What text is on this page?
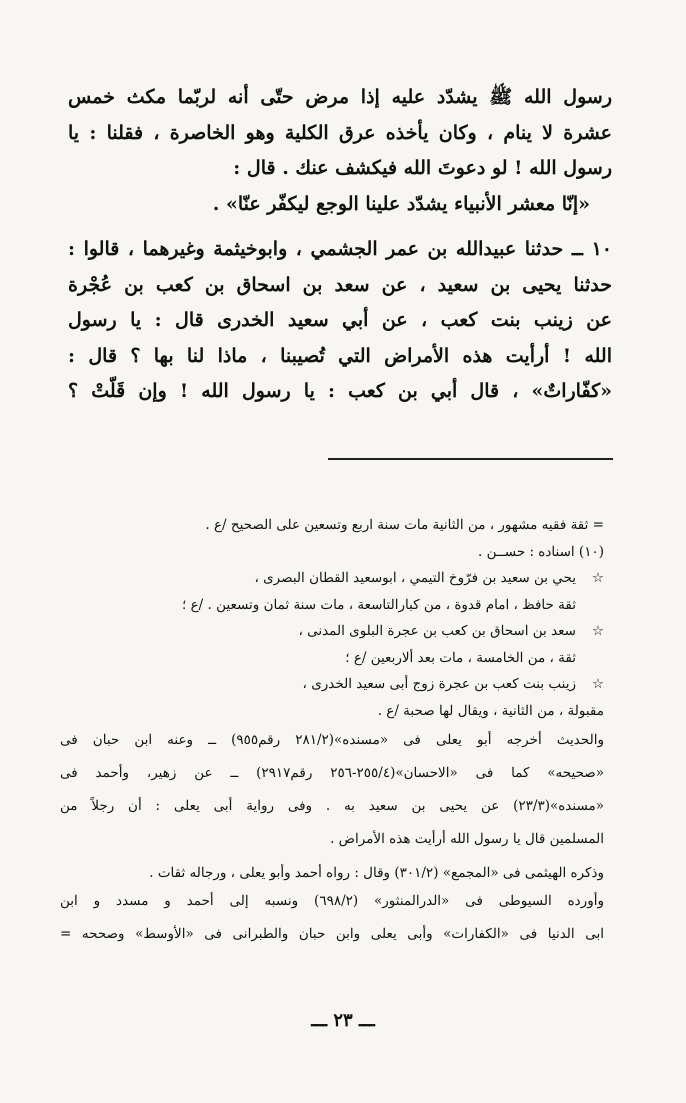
رسول الله ﷺ يشدّد عليه إذا مرض حتّى أنه لربّما مكث خمس

عشرة لا ينام ، وكان يأخذه عرق الكلية وهو الخاصرة ، فقلنا : يا

رسول الله ! لو دعوتَ الله فيكشف عنك . قال :

«إنّا معشر الأنبياء يشدّد علينا الوجع ليكفّر عنّا» .

١٠ ــ حدثنا عبيدالله بن عمر الجشمي ، وابوخيثمة وغيرهما ، قالوا :

حدثنا يحيى بن سعيد ، عن سعد بن اسحاق بن كعب بن عُجْرة

عن زينب بنت كعب ، عن أبي سعيد الخدرى قال : يا رسول

الله ! أرأيت هذه الأمراض التي تُصيبنا ، ماذا لنا بها ؟ قال :

«كفّاراتٌ» ، قال أبي بن كعب : يا رسول الله ! وإن قَلّتْ ؟

= ثقة فقيه مشهور ، من الثانية مات سنة اربع وتسعين على الصحيح /ع .

(١٠) اسناده : حســن .

☆
يحي بن سعيد بن فرّوخ التيمي ، ابوسعيد القطان البصرى ،

ثقة حافظ ، امام قدوة ، من كبارالتاسعة ، مات سنة ثمان وتسعين . /ع ؛

☆
سعد بن اسحاق بن كعب بن عجرة البلوى المدنى ،

ثقة ، من الخامسة ، مات بعد ألاربعين /ع ؛

☆
زينب بنت كعب بن عجرة زوج أبى سعيد الخدرى ،

مقبولة ، من الثانية ، ويقال لها صحبة /ع .

والحديث أخرجه أبو يعلى فى «مسنده»(٢٨١/٢ رقم٩٥٥) ــ وعنه ابن حبان فى

«صحيحه» كما فى «الاحسان»(٢٥٥/٤-٢٥٦ رقم٢٩١٧) ــ عن زهير، وأحمد فى

«مسنده»(٢٣/٣) عن يحيى بن سعيد به . وفى رواية أبى يعلى : أن رجلاً من

المسلمين قال يا رسول الله أرأيت هذه الأمراض .

وذكره الهيثمى فى «المجمع» (٣٠١/٢) وقال : رواه أحمد وأبو يعلى ، ورجاله ثقات .

وأورده السيوطى فى «الدرالمنثور» (٦٩٨/٢) ونسبه إلى أحمد و مسدد و ابن

ابى الدنيا فى «الكفارات» وأبى يعلى وابن حبان والطبرانى فى «الأوسط» وصححه =

ـــ ٢٣ ـــ
